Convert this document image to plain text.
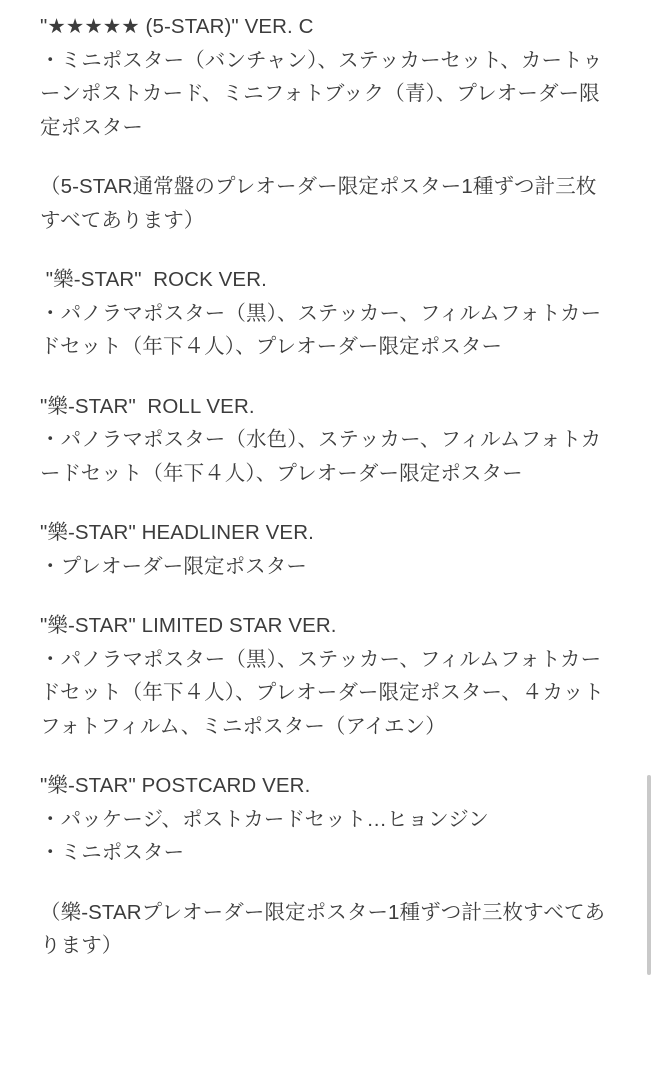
"★★★★★ (5-STAR)" VER. C
・ミニポスター（バンチャン）、ステッカーセット、カートゥーンポストカード、ミニフォトブック（青）、プレオーダー限定ポスター
（5-STAR通常盤のプレオーダー限定ポスター1種ずつ計三枚すべてあります）
"樂-STAR"  ROCK VER.
・パノラマポスター（黒）、ステッカー、フィルムフォトカードセット（年下４人）、プレオーダー限定ポスター
"樂-STAR"  ROLL VER.
・パノラマポスター（水色）、ステッカー、フィルムフォトカードセット（年下４人）、プレオーダー限定ポスター
"樂-STAR" HEADLINER VER.
・プレオーダー限定ポスター
"樂-STAR" LIMITED STAR VER.
・パノラマポスター（黒）、ステッカー、フィルムフォトカードセット（年下４人）、プレオーダー限定ポスター、４カットフォトフィルム、ミニポスター（アイエン）
"樂-STAR" POSTCARD VER.
・パッケージ、ポストカードセット…ヒョンジン
・ミニポスター
（樂-STARプレオーダー限定ポスター1種ずつ計三枚すべてあります）
